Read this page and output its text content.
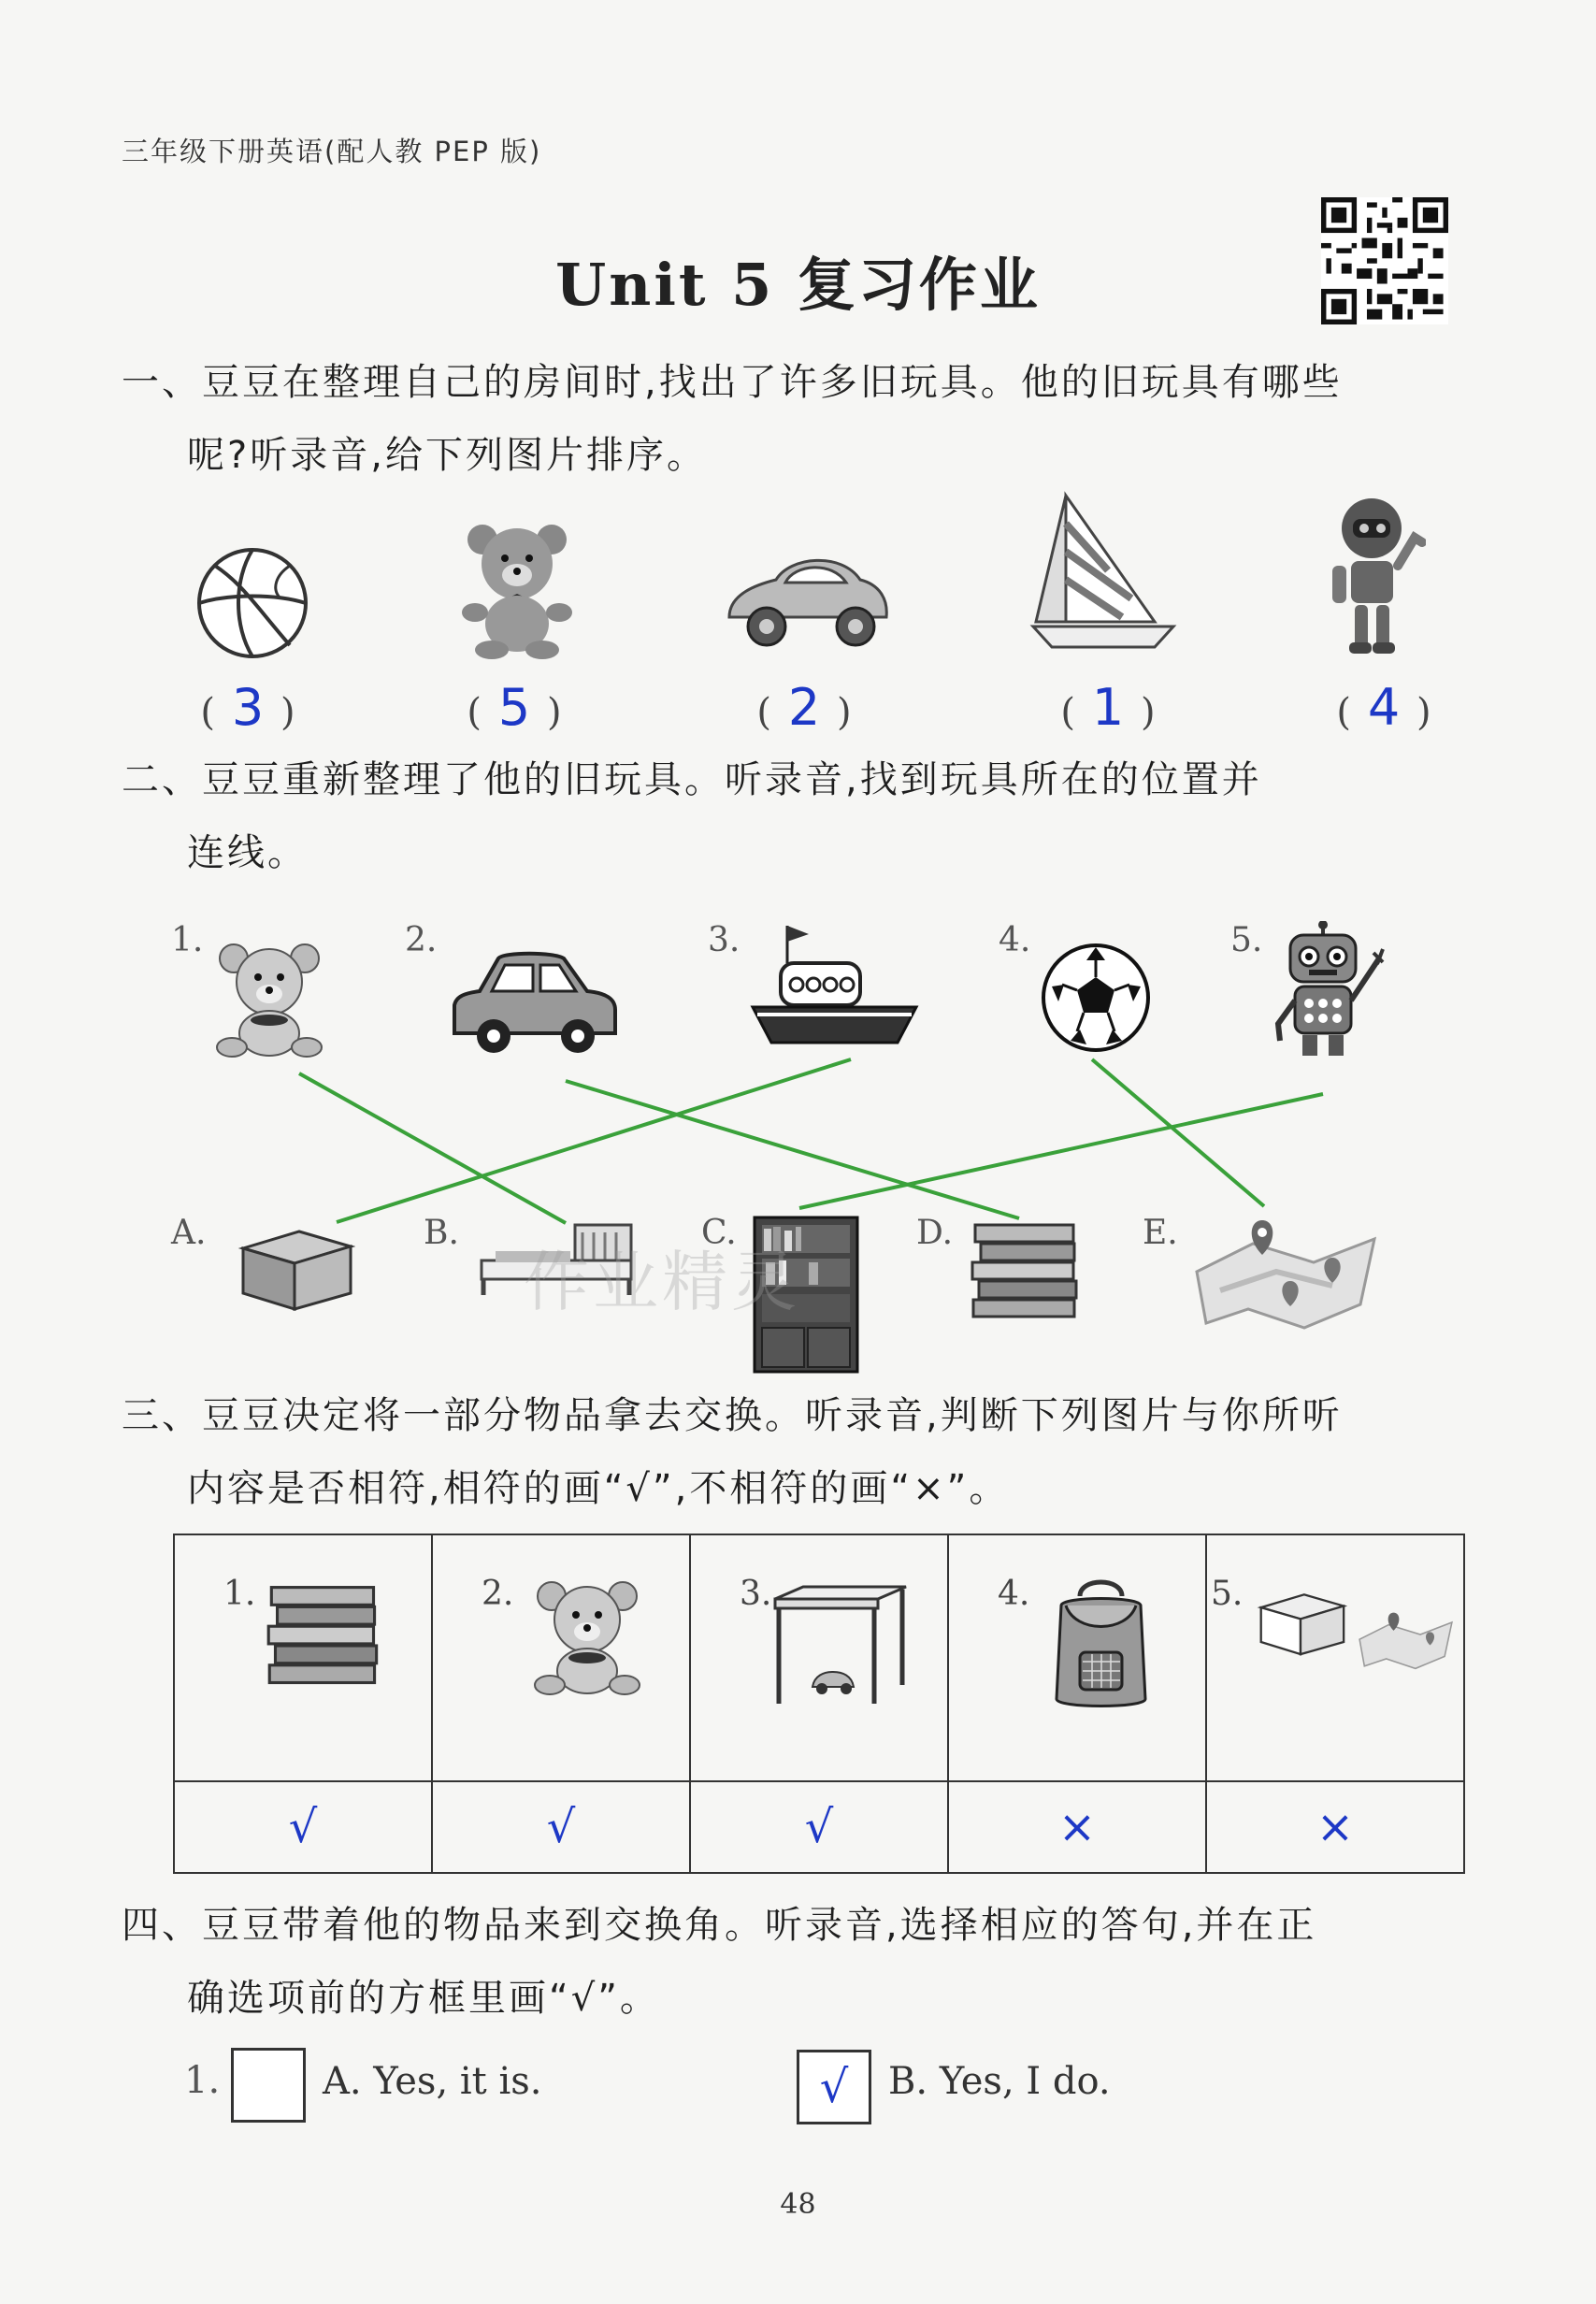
三年级下册英语(配人教 PEP 版)
Unit 5 复习作业
一、豆豆在整理自己的房间时,找出了许多旧玩具。他的旧玩具有哪些
呢?听录音,给下列图片排序。
( 3 )	( 5 )	( 2 )	( 1 )	( 4 )
二、豆豆重新整理了他的旧玩具。听录音,找到玩具所在的位置并
连线。
1.	2.	3.	4.	5.
A.	B.	C.	D.	E.
作业精灵
三、豆豆决定将一部分物品拿去交换。听录音,判断下列图片与你所听
内容是否相符,相符的画“√”,不相符的画“×”。
1.	2.	3.	4.	5.

√	√	√	×	×
四、豆豆带着他的物品来到交换角。听录音,选择相应的答句,并在正
确选项前的方框里画“√”。
1.	A. Yes, it is.	√	B. Yes, I do.
48
